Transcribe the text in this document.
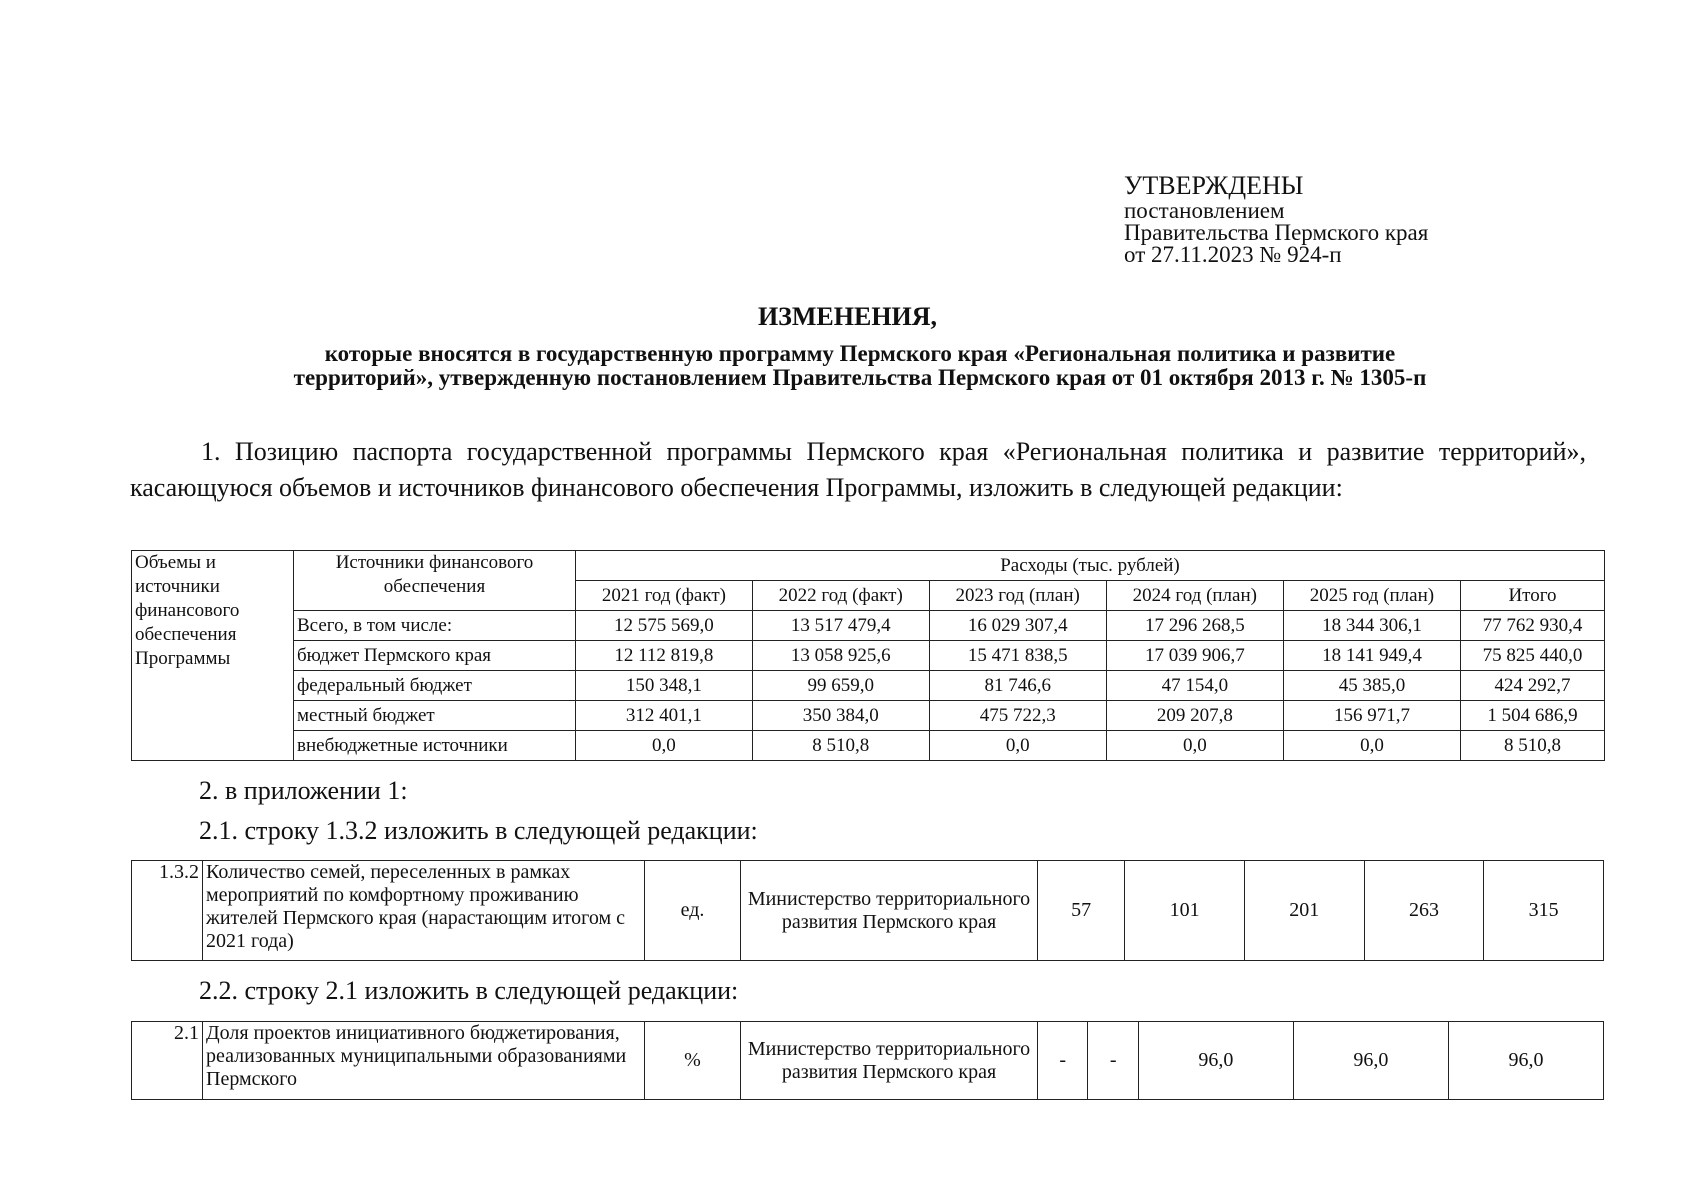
УТВЕРЖДЕНЫ
постановлением
Правительства Пермского края
от 27.11.2023 № 924-п
ИЗМЕНЕНИЯ,
которые вносятся в государственную программу Пермского края «Региональная политика и развитие
территорий», утвержденную постановлением Правительства Пермского края от 01 октября 2013 г. № 1305-п
1. Позицию паспорта государственной программы Пермского края «Региональная политика и развитие территорий», касающуюся объемов и источников финансового обеспечения Программы, изложить в следующей редакции:
Объемы и источники финансового обеспечения Программы	Источники финансового обеспечения	Расходы (тыс. рублей)					
		2021 год (факт)	2022 год (факт)	2023 год (план)	2024 год (план)	2025 год (план)	Итого
	Всего, в том числе:	12 575 569,0	13 517 479,4	16 029 307,4	17 296 268,5	18 344 306,1	77 762 930,4
	бюджет Пермского края	12 112 819,8	13 058 925,6	15 471 838,5	17 039 906,7	18 141 949,4	75 825 440,0
	федеральный бюджет	150 348,1	99 659,0	81 746,6	47 154,0	45 385,0	424 292,7
	местный бюджет	312 401,1	350 384,0	475 722,3	209 207,8	156 971,7	1 504 686,9
	внебюджетные источники	0,0	8 510,8	0,0	0,0	0,0	8 510,8
2. в приложении 1:
2.1. строку 1.3.2 изложить в следующей редакции:
1.3.2	Количество семей, переселенных в рамках мероприятий по комфортному проживанию жителей Пермского края (нарастающим итогом с 2021 года)	ед.	Министерство территориального развития Пермского края	57	101	201	263	315
2.2. строку 2.1 изложить в следующей редакции:
2.1	Доля проектов инициативного бюджетирования, реализованных муниципальными образованиями Пермского	%	Министерство территориального развития Пермского края	-	-	96,0	96,0	96,0
